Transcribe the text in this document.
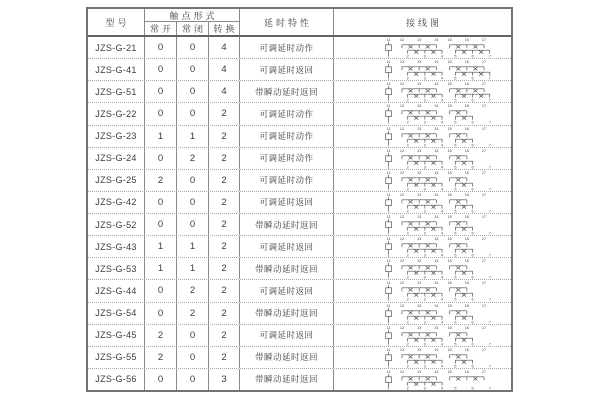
型号
触点形式
常开 常闭 转换
延时特性	接线图
JZS-G-21	0	0	4	可调延时动作
11
1
12	13	14 15	16	17
2	3	4	5	6	7
JZS-G-41	0	0	4	可调延时返回
11
1
12	13	14 15	16	17
2	3	4	5	6	7
JZS-G-51	0	0	4	带瞬动延时返回
11
1
12	13	14 15	16	17
2	3	4	5	6	7
JZS-G-22	0	0	2	可调延时动作
11
1
12	13	14 15	16	17
2	3	4	5	6	7
JZS-G-23	1	1	2	可调延时动作
11
1
12	13	14 15	16	17
2	3	4	5	6	7
JZS-G-24	0	2	2	可调延时动作
11
1
12	13	14 15	16	17
2	3	4	5	6	7
JZS-G-25	2	0	2	可调延时动作
11
1
12	13	14 15	16	17
2	3	4	5	6	7
JZS-G-42	0	0	2	可调延时返回
11
1
12	13	14 15	16	17
2	3	4	5	6	7
JZS-G-52	0	0	2	带瞬动延时返回
11
1
12	13	14 15	16	17
2	3	4	5	6	7
JZS-G-43	1	1	2	可调延时返回
11
1
12	13	14 15	16	17
2	3	4	5	6	7
JZS-G-53	1	1	2	带瞬动延时返回
11
1
12	13	14 15	16	17
2	3	4	5	6	7
JZS-G-44	0	2	2	可调延时返回
11
1
12	13	14 15	16	17
2	3	4	5	6	7
JZS-G-54	0	2	2	带瞬动延时返回
11
1
12	13	14 15	16	17
2	3	4	5	6	7
JZS-G-45	2	0	2	可调延时返回
11
1
12	13	14 15	16	17
2	3	4	5	6	7
JZS-G-55	2	0	2	带瞬动延时返回
11
1
12	13	14 15	16	17
2	3	4	5	6	7
JZS-G-56	0	0	3	带瞬动延时返回
11
1
12	13	14 15	16	17
2	3	4	5	6	7
